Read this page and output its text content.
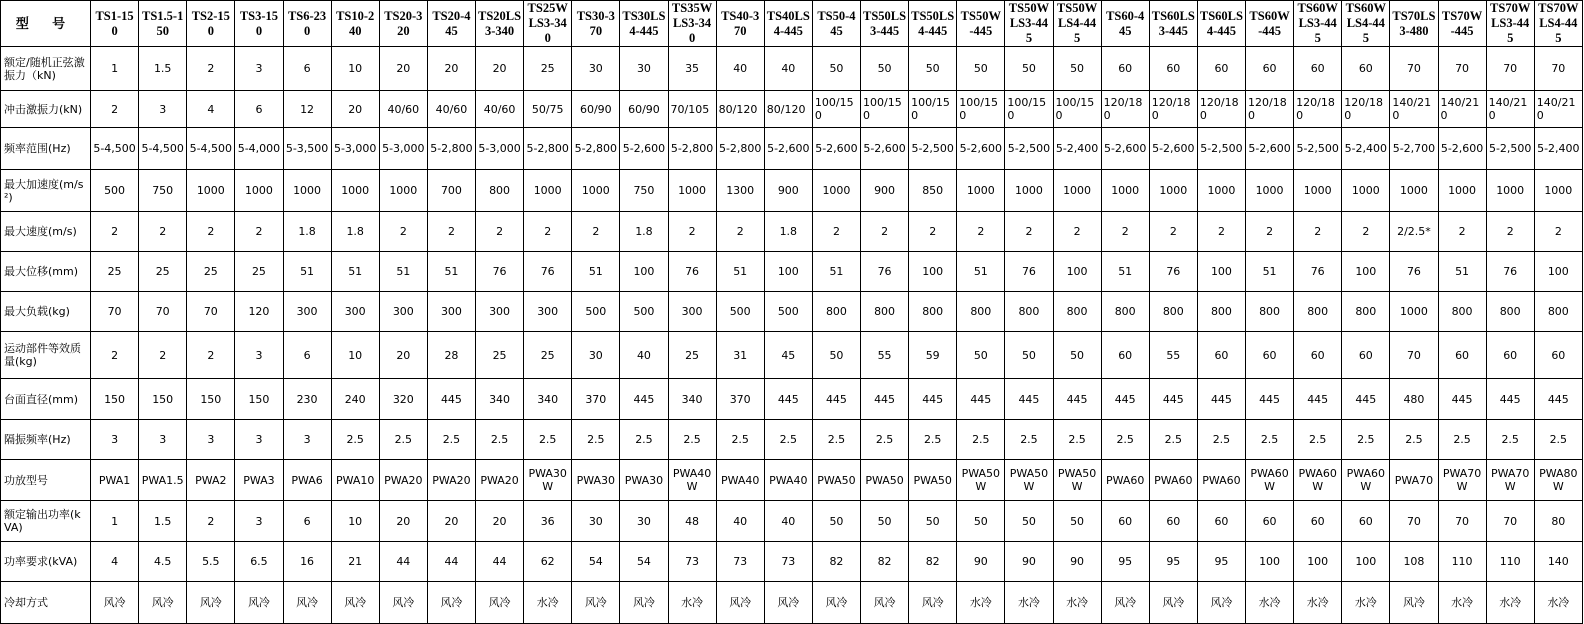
型 号	TS1-150	TS1.5-150	TS2-150	TS3-150	TS6-230	TS10-240	TS20-320	TS20-445	TS20LS3-340	TS25WLS3-340	TS30-370	TS30LS4-445	TS35WLS3-340	TS40-370	TS40LS4-445	TS50-445	TS50LS3-445	TS50LS4-445	TS50W-445	TS50WLS3-445	TS50WLS4-445	TS60-445	TS60LS3-445	TS60LS4-445	TS60W-445	TS60WLS3-445	TS60WLS4-445	TS70LS3-480	TS70W-445	TS70WLS3-445	TS70WLS4-445
额定/随机正弦激振力（kN)	1	1.5	2	3	6	10	20	20	20	25	30	30	35	40	40	50	50	50	50	50	50	60	60	60	60	60	60	70	70	70	70
冲击激振力(kN)	2	3	4	6	12	20	40/60	40/60	40/60	50/75	60/90	60/90	70/105	80/120	80/120	100/150	100/150	100/150	100/150	100/150	100/150	120/180	120/180	120/180	120/180	120/180	120/180	140/210	140/210	140/210	140/210
频率范围(Hz)	5-4,500	5-4,500	5-4,500	5-4,000	5-3,500	5-3,000	5-3,000	5-2,800	5-3,000	5-2,800	5-2,800	5-2,600	5-2,800	5-2,800	5-2,600	5-2,600	5-2,600	5-2,500	5-2,600	5-2,500	5-2,400	5-2,600	5-2,600	5-2,500	5-2,600	5-2,500	5-2,400	5-2,700	5-2,600	5-2,500	5-2,400
最大加速度(m/s²)	500	750	1000	1000	1000	1000	1000	700	800	1000	1000	750	1000	1300	900	1000	900	850	1000	1000	1000	1000	1000	1000	1000	1000	1000	1000	1000	1000	1000
最大速度(m/s)	2	2	2	2	1.8	1.8	2	2	2	2	2	1.8	2	2	1.8	2	2	2	2	2	2	2	2	2	2	2	2	2/2.5*	2	2	2
最大位移(mm)	25	25	25	25	51	51	51	51	76	76	51	100	76	51	100	51	76	100	51	76	100	51	76	100	51	76	100	76	51	76	100
最大负载(kg)	70	70	70	120	300	300	300	300	300	300	500	500	300	500	500	800	800	800	800	800	800	800	800	800	800	800	800	1000	800	800	800
运动部件等效质量(kg)	2	2	2	3	6	10	20	28	25	25	30	40	25	31	45	50	55	59	50	50	50	60	55	60	60	60	60	70	60	60	60
台面直径(mm)	150	150	150	150	230	240	320	445	340	340	370	445	340	370	445	445	445	445	445	445	445	445	445	445	445	445	445	480	445	445	445
隔振频率(Hz)	3	3	3	3	3	2.5	2.5	2.5	2.5	2.5	2.5	2.5	2.5	2.5	2.5	2.5	2.5	2.5	2.5	2.5	2.5	2.5	2.5	2.5	2.5	2.5	2.5	2.5	2.5	2.5	2.5
功放型号	PWA1	PWA1.5	PWA2	PWA3	PWA6	PWA10	PWA20	PWA20	PWA20	PWA30W	PWA30	PWA30	PWA40W	PWA40	PWA40	PWA50	PWA50	PWA50	PWA50W	PWA50W	PWA50W	PWA60	PWA60	PWA60	PWA60W	PWA60W	PWA60W	PWA70	PWA70W	PWA70W	PWA80W
额定输出功率(kVA)	1	1.5	2	3	6	10	20	20	20	36	30	30	48	40	40	50	50	50	50	50	50	60	60	60	60	60	60	70	70	70	80
功率要求(kVA)	4	4.5	5.5	6.5	16	21	44	44	44	62	54	54	73	73	73	82	82	82	90	90	90	95	95	95	100	100	100	108	110	110	140
冷却方式	风冷	风冷	风冷	风冷	风冷	风冷	风冷	风冷	风冷	水冷	风冷	风冷	水冷	风冷	风冷	风冷	风冷	风冷	水冷	水冷	水冷	风冷	风冷	风冷	水冷	水冷	水冷	风冷	水冷	水冷	水冷
